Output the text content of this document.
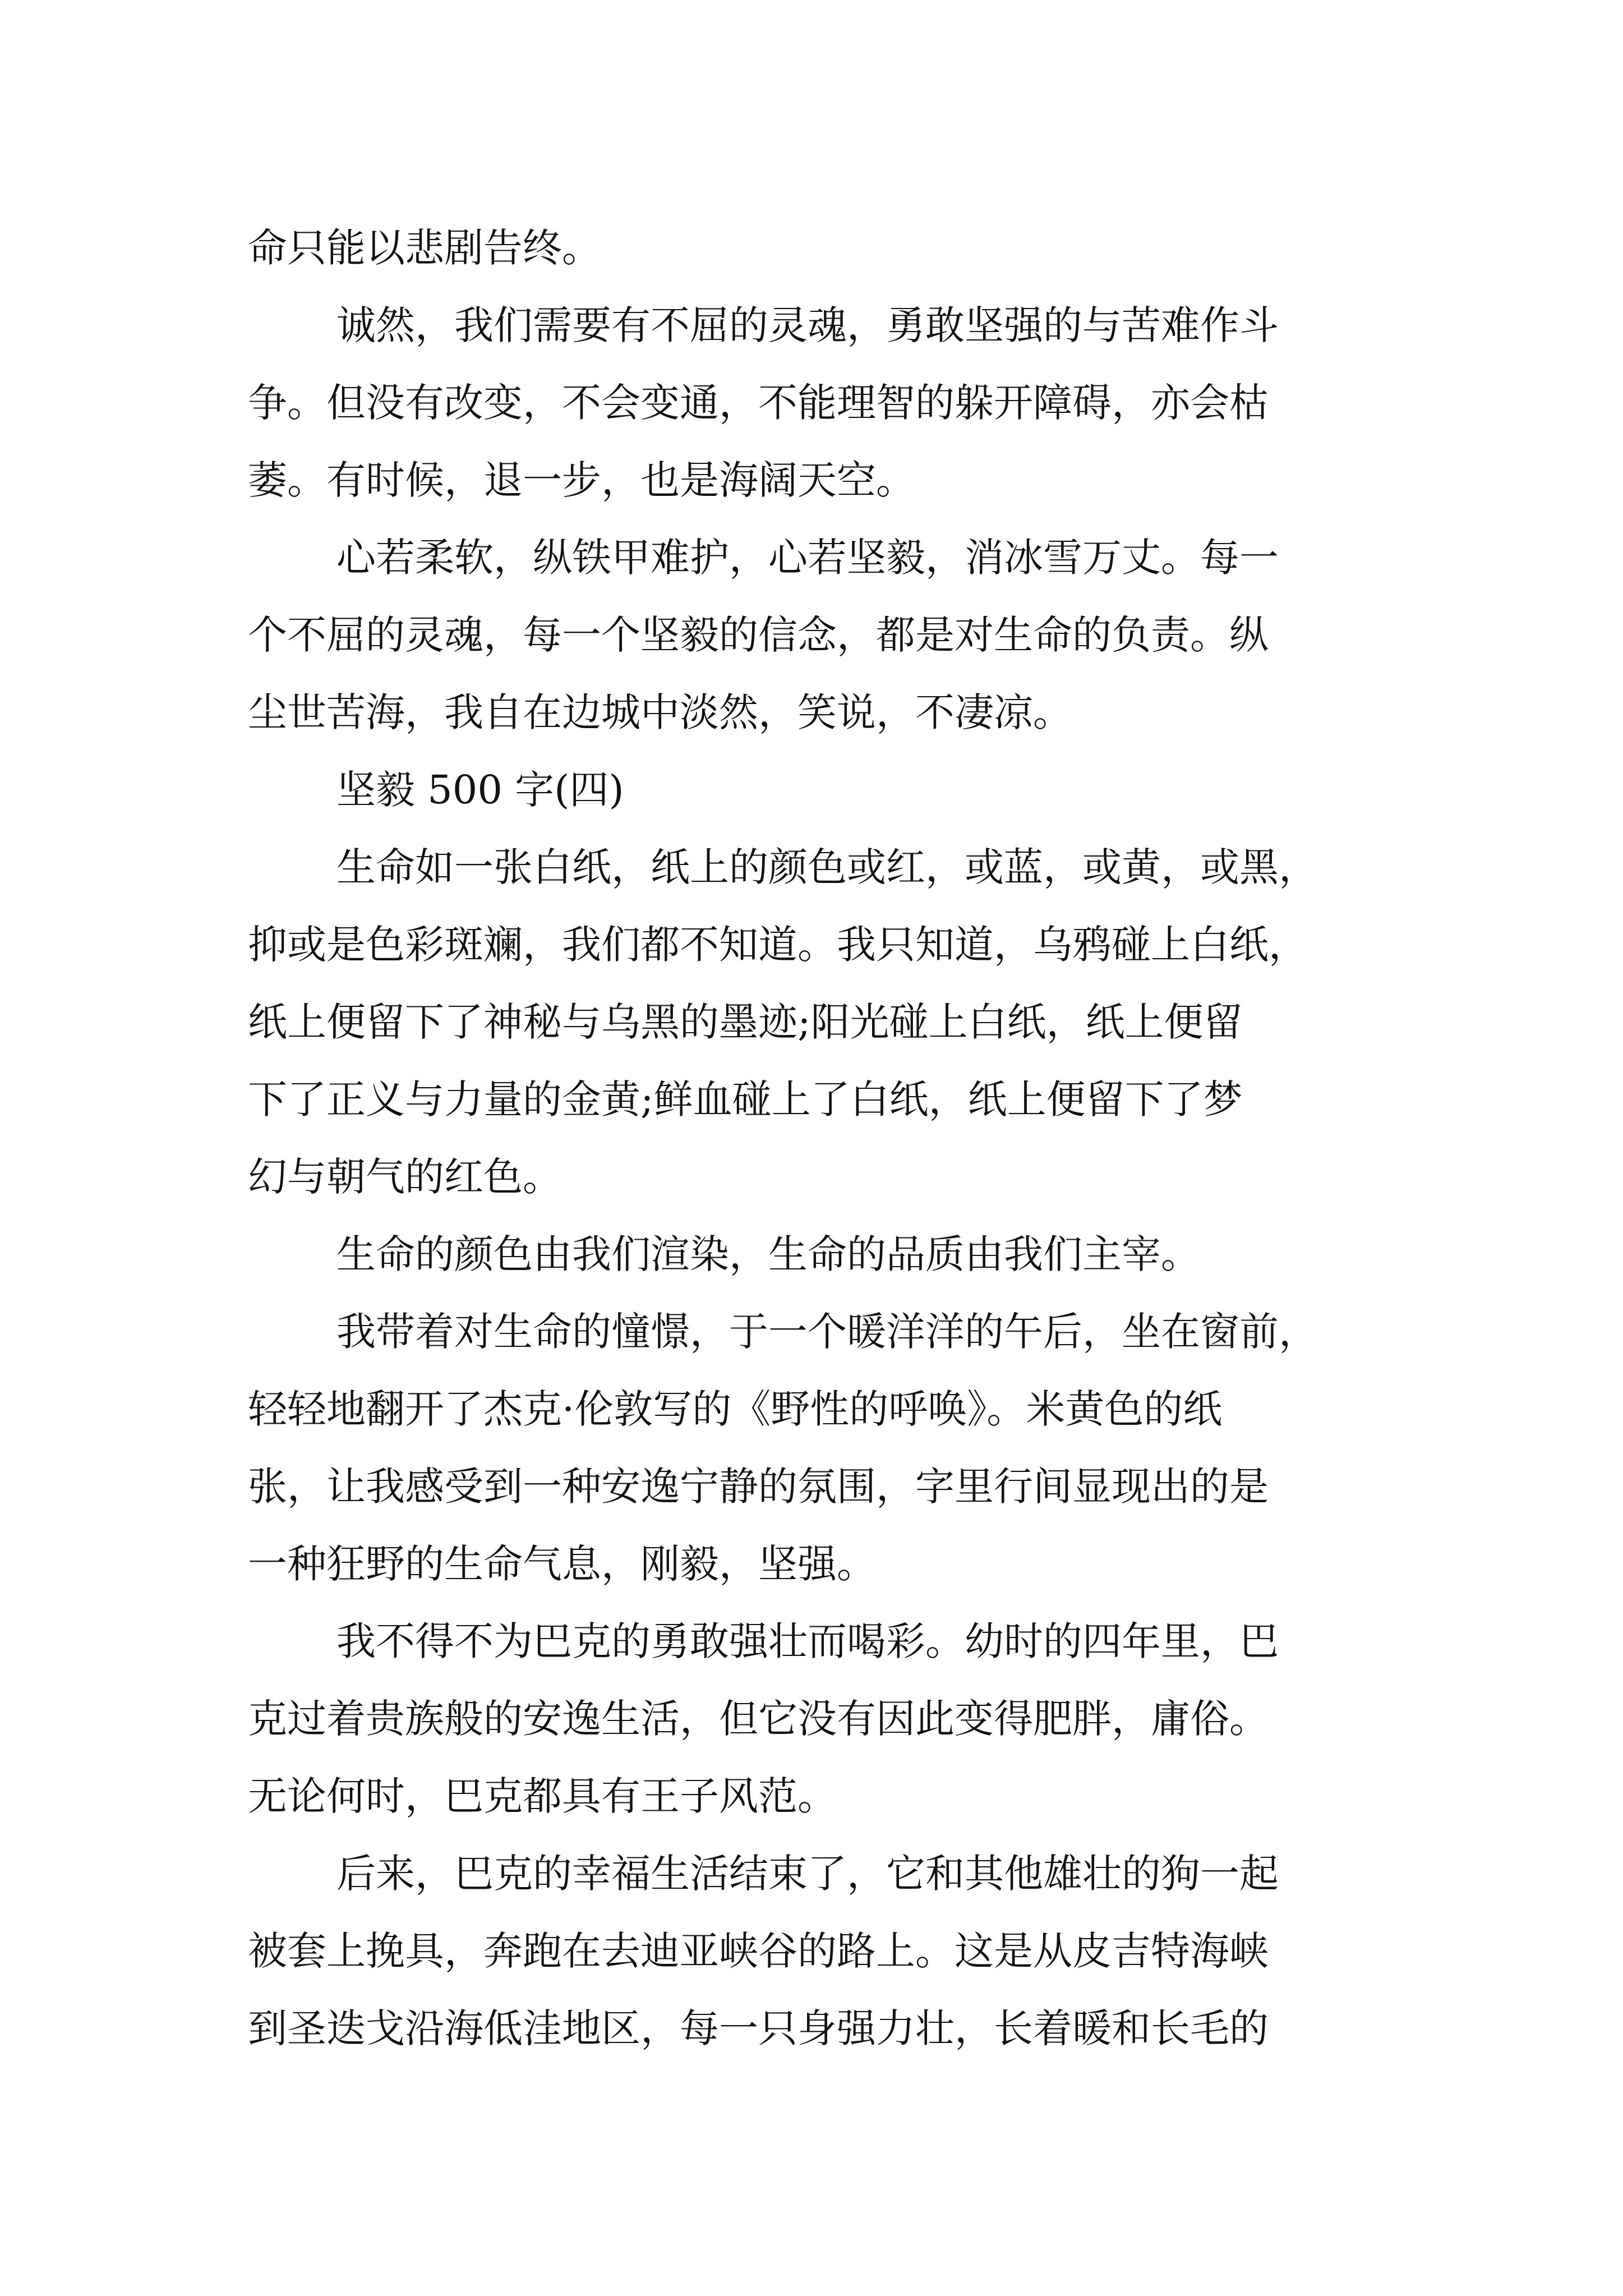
命只能以悲剧告终。
诚然，我们需要有不屈的灵魂，勇敢坚强的与苦难作斗
争。但没有改变，不会变通，不能理智的躲开障碍，亦会枯
萎。有时候，退一步，也是海阔天空。
心若柔软，纵铁甲难护，心若坚毅，消冰雪万丈。每一
个不屈的灵魂，每一个坚毅的信念，都是对生命的负责。纵
尘世苦海，我自在边城中淡然，笑说，不凄凉。
坚毅 500 字(四)
生命如一张白纸，纸上的颜色或红，或蓝，或黄，或黑，
抑或是色彩斑斓，我们都不知道。我只知道，乌鸦碰上白纸，
纸上便留下了神秘与乌黑的墨迹;阳光碰上白纸，纸上便留
下了正义与力量的金黄;鲜血碰上了白纸，纸上便留下了梦
幻与朝气的红色。
生命的颜色由我们渲染，生命的品质由我们主宰。
我带着对生命的憧憬，于一个暖洋洋的午后，坐在窗前，
轻轻地翻开了杰克·伦敦写的《野性的呼唤》。米黄色的纸
张，让我感受到一种安逸宁静的氛围，字里行间显现出的是
一种狂野的生命气息，刚毅，坚强。
我不得不为巴克的勇敢强壮而喝彩。幼时的四年里，巴
克过着贵族般的安逸生活，但它没有因此变得肥胖，庸俗。
无论何时，巴克都具有王子风范。
后来，巴克的幸福生活结束了，它和其他雄壮的狗一起
被套上挽具，奔跑在去迪亚峡谷的路上。这是从皮吉特海峡
到圣迭戈沿海低洼地区，每一只身强力壮，长着暖和长毛的
